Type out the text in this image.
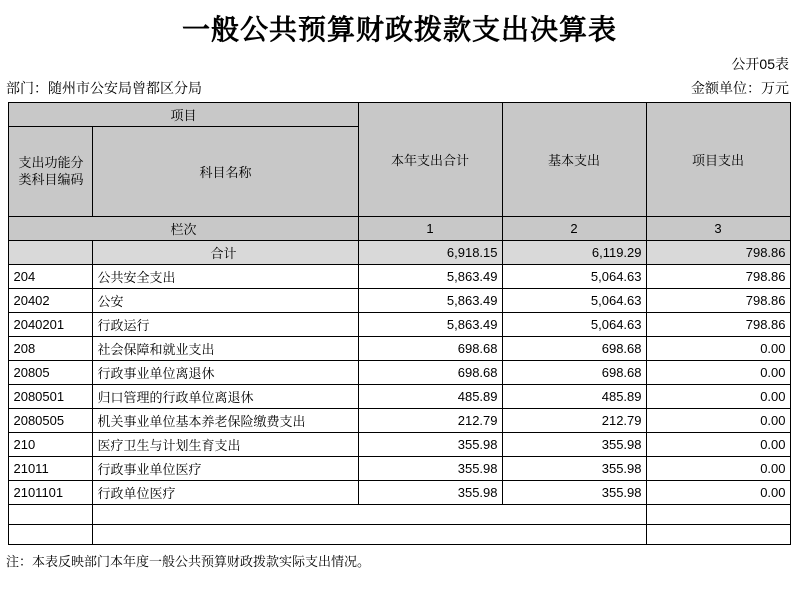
一般公共预算财政拨款支出决算表
公开05表
部门：随州市公安局曾都区分局	金额单位：万元
项目		本年支出合计	基本支出	项目支出
支出功能分类科目编码	科目名称			
栏次		1	2	3
	合计	6,918.15	6,119.29	798.86
204	公共安全支出	5,863.49	5,064.63	798.86
20402	公安	5,863.49	5,064.63	798.86
2040201	行政运行	5,863.49	5,064.63	798.86
208	社会保障和就业支出	698.68	698.68	0.00
20805	行政事业单位离退休	698.68	698.68	0.00
2080501	归口管理的行政单位离退休	485.89	485.89	0.00
2080505	机关事业单位基本养老保险缴费支出	212.79	212.79	0.00
210	医疗卫生与计划生育支出	355.98	355.98	0.00
21011	行政事业单位医疗	355.98	355.98	0.00
2101101	行政单位医疗	355.98	355.98	0.00

注：本表反映部门本年度一般公共预算财政拨款实际支出情况。
